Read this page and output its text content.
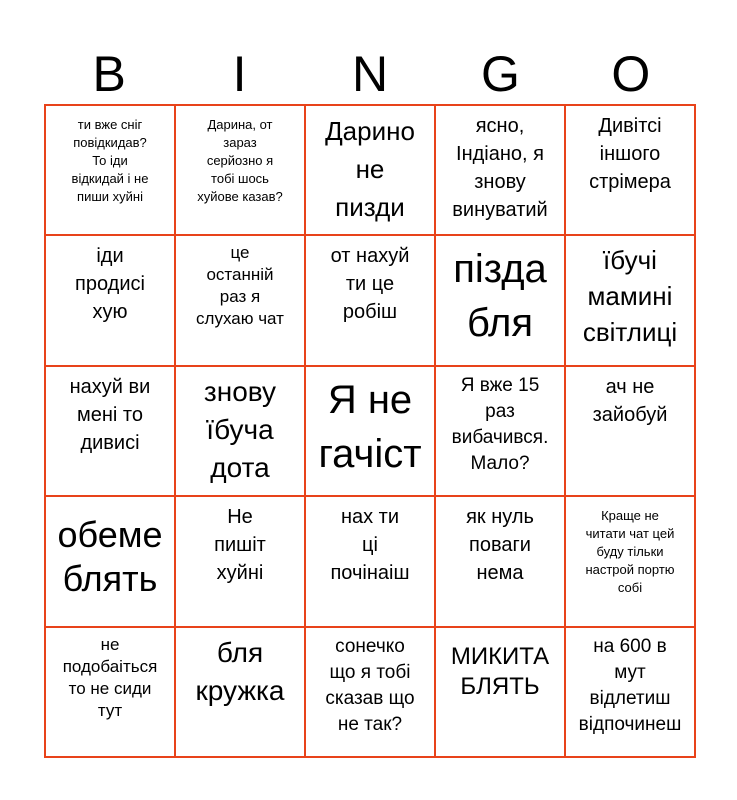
B	I	N	G	O
ти вже сніг
повідкидав?
То іди
відкидай і не
пиши хуйні
Дарина, от
зараз
серйозно я
тобі шось
хуйове казав?
Дарино
не
пизди
ясно,
Індіано, я
знову
винуватий
Дивітсі
іншого
стрімера
іди
продисі
хую
це
останній
раз я
слухаю чат
от нахуй
ти це
робіш
пізда
бля
їбучі
мамині
світлиці
нахуй ви
мені то
дивисі
знову
їбуча
дота
Я не
гачіст
Я вже 15
раз
вибачився.
Мало?
ач не
зайобуй
обеме
блять
Не
пишіт
хуйні
нах ти
ці
почінаіш
як нуль
поваги
нема
Краще не
читати чат цей
буду тільки
настрой портю
собі
не
подобаіться
то не сиди
тут
бля
кружка
сонечко
що я тобі
сказав що
не так?
МИКИТА
БЛЯТЬ
на 600 в
мут
відлетиш
відпочинеш
